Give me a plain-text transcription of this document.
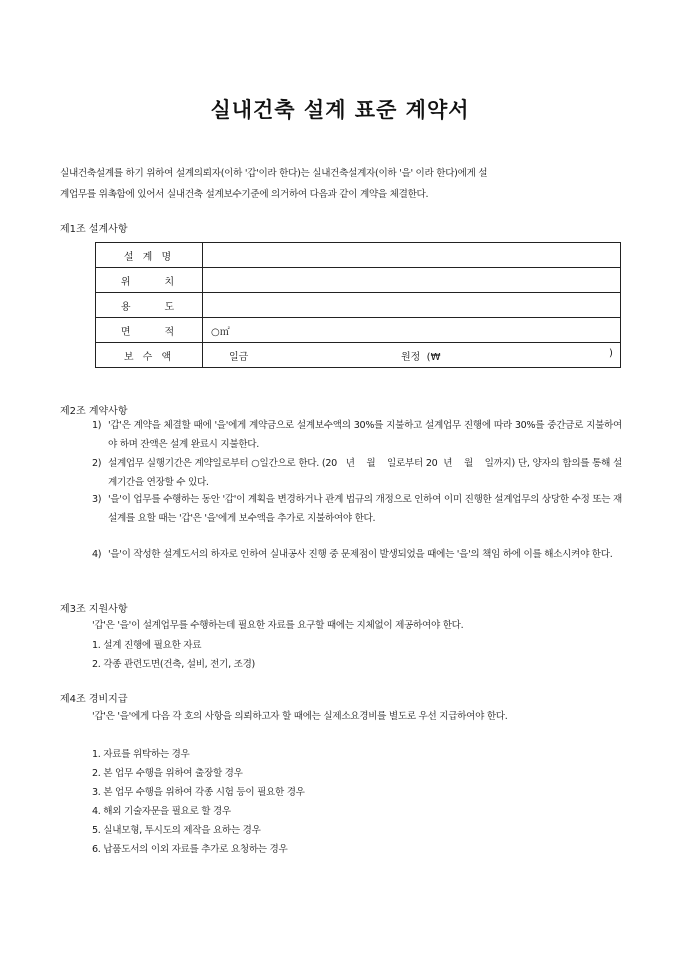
실내건축 설계 표준 계약서
실내건축설계를 하기 위하여 설계의뢰자(이하 '갑'이라 한다)는 실내건축설계자(이하 '을' 이라 한다)에게 설
계업무를 위촉함에 있어서 실내건축 설계보수기준에 의거하여 다음과 같이 계약을 체결한다.
제1조 설계사항
설 계 명	
위     치	
용     도	
면     적	○㎡
보 수 액	일금 원정  (₩ )
제2조 계약사항
1) '갑'은 계약을 체결할 때에 '을'에게 계약금으로 설계보수액의 30%를 지불하고 설계업무 진행에 따라 30%를 중간금로 지불하여야 하며 잔액은 설계 완료시 지불한다.
2) 설계업무 실행기간은 계약일로부터 ○일간으로 한다. (20   년    월    일로부터 20  년    월    일까지) 단, 양자의 합의를 통해 설계기간을 연장할 수 있다.
3) '을'이 업무를 수행하는 동안 '갑'이 계획을 변경하거나 관계 법규의 개정으로 인하여 이미 진행한 설계업무의 상당한 수정 또는 재설계를 요할 때는 '갑'은 '을'에게 보수액을 추가로 지불하여야 한다.
4) '을'이 작성한 설계도서의 하자로 인하여 실내공사 진행 중 문제점이 발생되었을 때에는 '을'의 책임 하에 이를 해소시켜야 한다.
제3조 지원사항
'갑'은 '을'이 설계업무를 수행하는데 필요한 자료를 요구할 때에는 지체없이 제공하여야 한다.
1. 설계 진행에 필요한 자료
2. 각종 관련도면(건축, 설비, 전기, 조경)
제4조 경비지급
'갑'은 '을'에게 다음 각 호의 사항을 의뢰하고자 할 때에는 실제소요경비를 별도로 우선 지급하여야 한다.
1. 자료를 위탁하는 경우
2. 본 업무 수행을 위하여 출장할 경우
3. 본 업무 수행을 위하여 각종 시험 등이 필요한 경우
4. 해외 기술자문을 필요로 할 경우
5. 실내모형, 투시도의 제작을 요하는 경우
6. 납품도서의 이외 자료를 추가로 요청하는 경우
